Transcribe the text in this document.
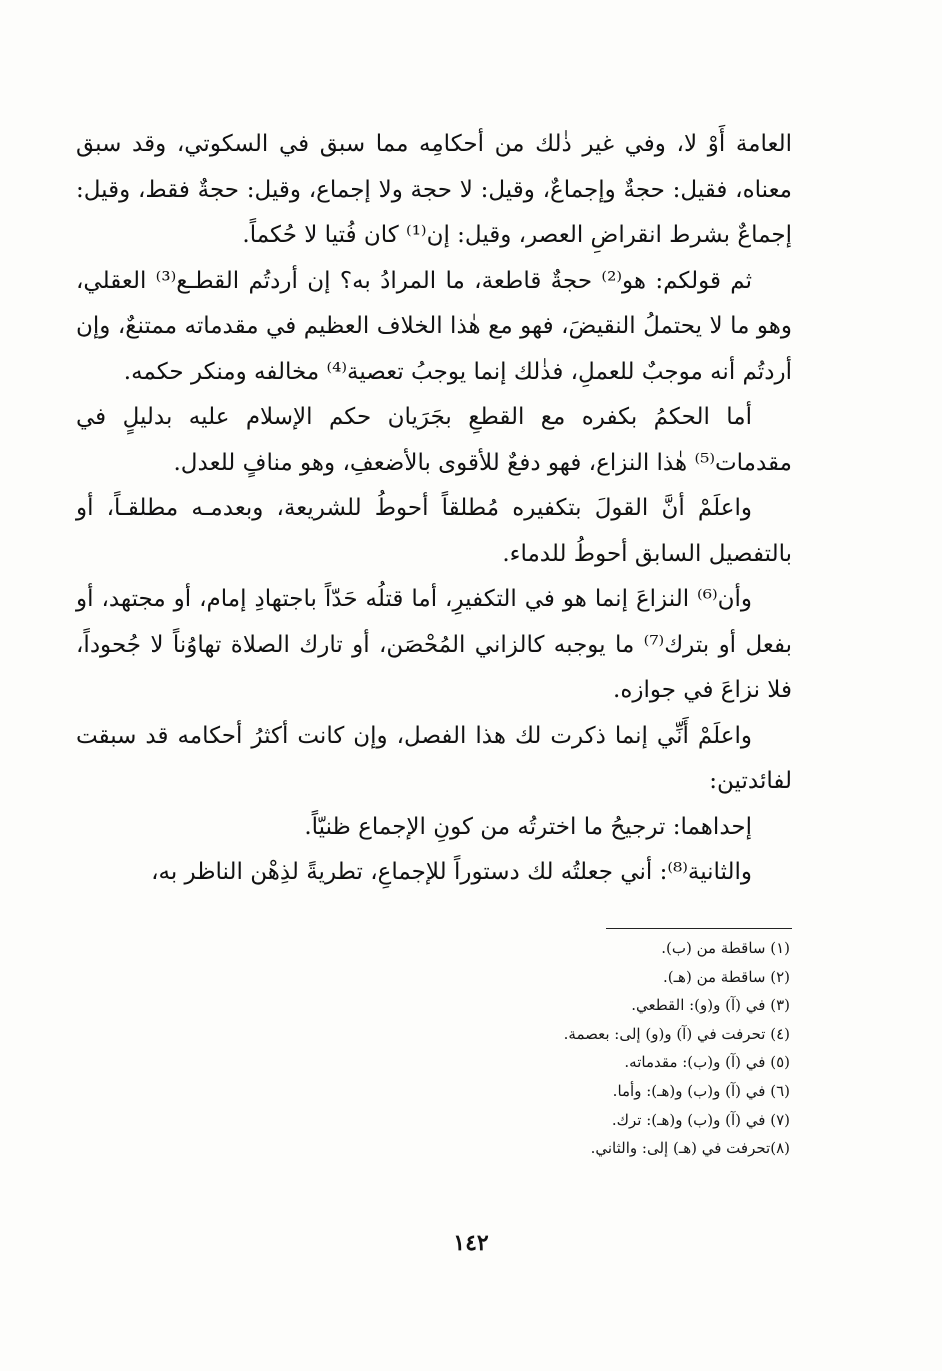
العامة أَوْ لا، وفي غير ذٰلك من أحكامِه مما سبق في السكوتي، وقد سبق معناه، فقيل: حجةٌ وإجماعٌ، وقيل: لا حجة ولا إجماع، وقيل: حجةٌ فقط، وقيل: إجماعٌ بشرط انقراضِ العصر، وقيل: إن⁽¹⁾ كان فُتيا لا حُكماً.

ثم قولكم: هو⁽²⁾ حجةٌ قاطعة، ما المرادُ به؟ إن أردتُم القطـع⁽³⁾ العقلي، وهو ما لا يحتملُ النقيضَ، فهو مع هٰذا الخلاف العظيم في مقدماته ممتنعٌ، وإن أردتُم أنه موجبٌ للعملِ، فذٰلك إنما يوجبُ تعصية⁽⁴⁾ مخالفه ومنكر حكمه.

أما الحكمُ بكفره مع القطعِ بجَرَيان حكم الإسلام عليه بدليلٍ في مقدمات⁽⁵⁾ هٰذا النزاع، فهو دفعٌ للأقوى بالأضعفِ، وهو منافٍ للعدل.

واعلَمْ أنَّ القولَ بتكفيره مُطلقاً أحوطُ للشريعة، وبعدمـه مطلقـاً، أو بالتفصيل السابق أحوطُ للدماء.

وأن⁽⁶⁾ النزاعَ إنما هو في التكفيرِ، أما قتلُه حَدّاً باجتهادِ إمام، أو مجتهد، أو بفعل أو بترك⁽⁷⁾ ما يوجبه كالزاني المُحْصَن، أو تارك الصلاة تهاوُناً لا جُحوداً، فلا نزاعَ في جوازه.

واعلَمْ أَنِّي إنما ذكرت لك هذا الفصل، وإن كانت أكثرُ أحكامه قد سبقت لفائدتين:

إحداهما: ترجيحُ ما اخترتُه من كونِ الإجماع ظنيّاً.

والثانية⁽⁸⁾: أني جعلتُه لك دستوراً للإجماعِ، تطريةً لذِهْن الناظر به،

(١) ساقطة من (ب).
(٢) ساقطة من (هـ).
(٣) في (آ) و(و): القطعي.
(٤) تحرفت في (آ) و(و) إلى: بعصمة.
(٥) في (آ) و(ب): مقدماته.
(٦) في (آ) و(ب) و(هـ): وأما.
(٧) في (آ) و(ب) و(هـ): ترك.
(٨)تحرفت في (هـ) إلى: والثاني.
١٤٢
